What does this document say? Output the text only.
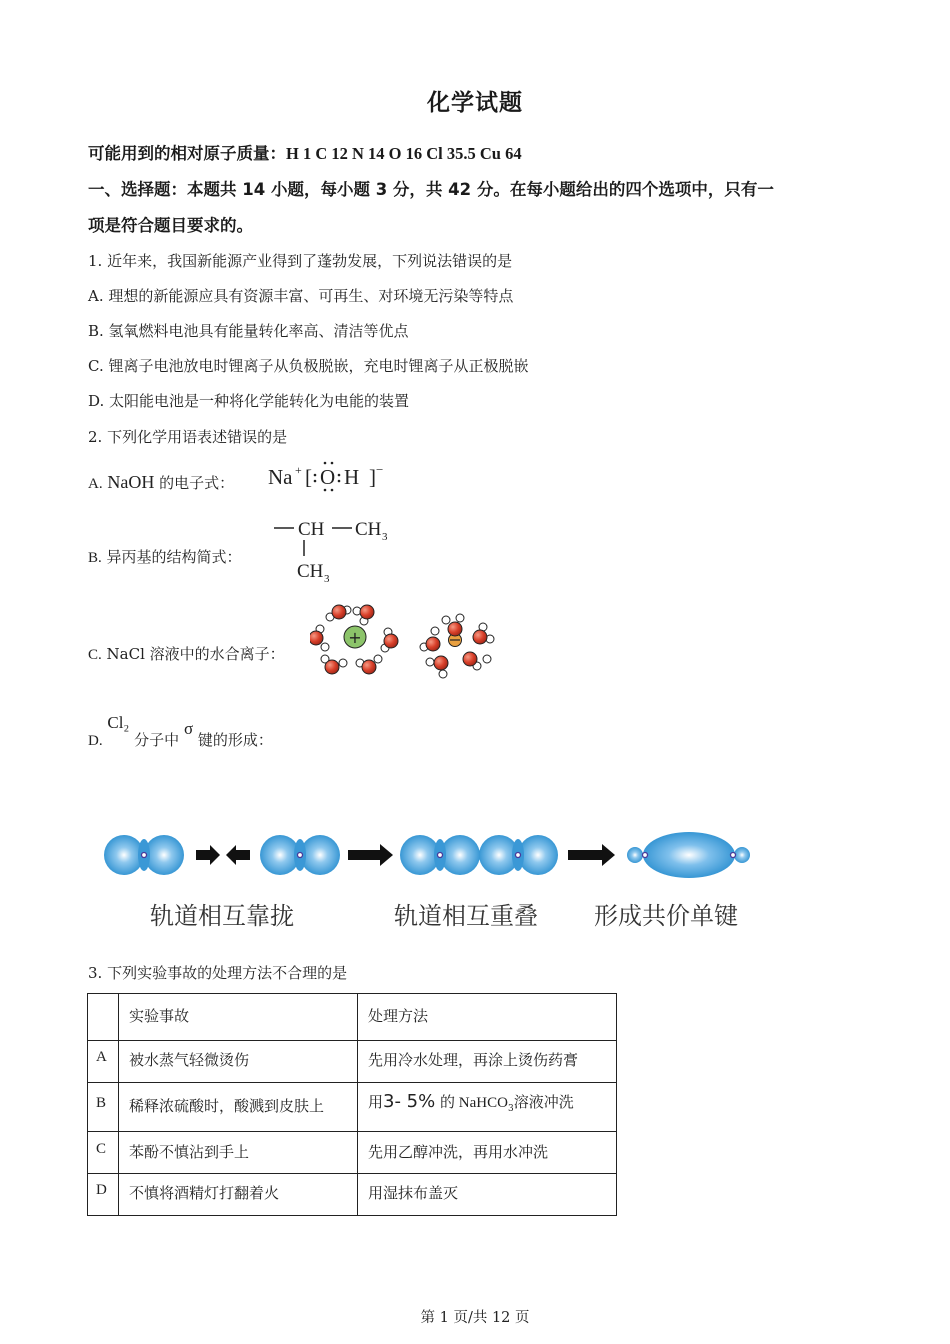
化学试题
可能用到的相对原子质量：H 1 C 12 N 14 O 16 Cl 35.5 Cu 64
一、选择题：本题共 14 小题，每小题 3 分，共 42 分。在每小题给出的四个选项中，只有一
项是符合题目要求的。
1. 近年来，我国新能源产业得到了蓬勃发展，下列说法错误的是
A. 理想的新能源应具有资源丰富、可再生、对环境无污染等特点
B. 氢氧燃料电池具有能量转化率高、清洁等优点
C. 锂离子电池放电时锂离子从负极脱嵌，充电时锂离子从正极脱嵌
D. 太阳能电池是一种将化学能转化为电能的装置
2. 下列化学用语表述错误的是
A. NaOH 的电子式： Na + [ O H ] −
B. 异丙基的结构简式：
CH CH 3
CH 3
C. NaCl 溶液中的水合离子：
+
D. Cl₂ 分子中 σ 键的形成：
轨道相互靠拢	轨道相互重叠 形成共价单键
3. 下列实验事故的处理方法不合理的是
	实验事故	处理方法
A	被水蒸气轻微烫伤	先用冷水处理，再涂上烫伤药膏
B	稀释浓硫酸时，酸溅到皮肤上	用3- 5% 的 NaHCO$_3$溶液冲洗
C	苯酚不慎沾到手上	先用乙醇冲洗，再用水冲洗
D	不慎将酒精灯打翻着火	用湿抹布盖灭
第 1 页/共 12 页
